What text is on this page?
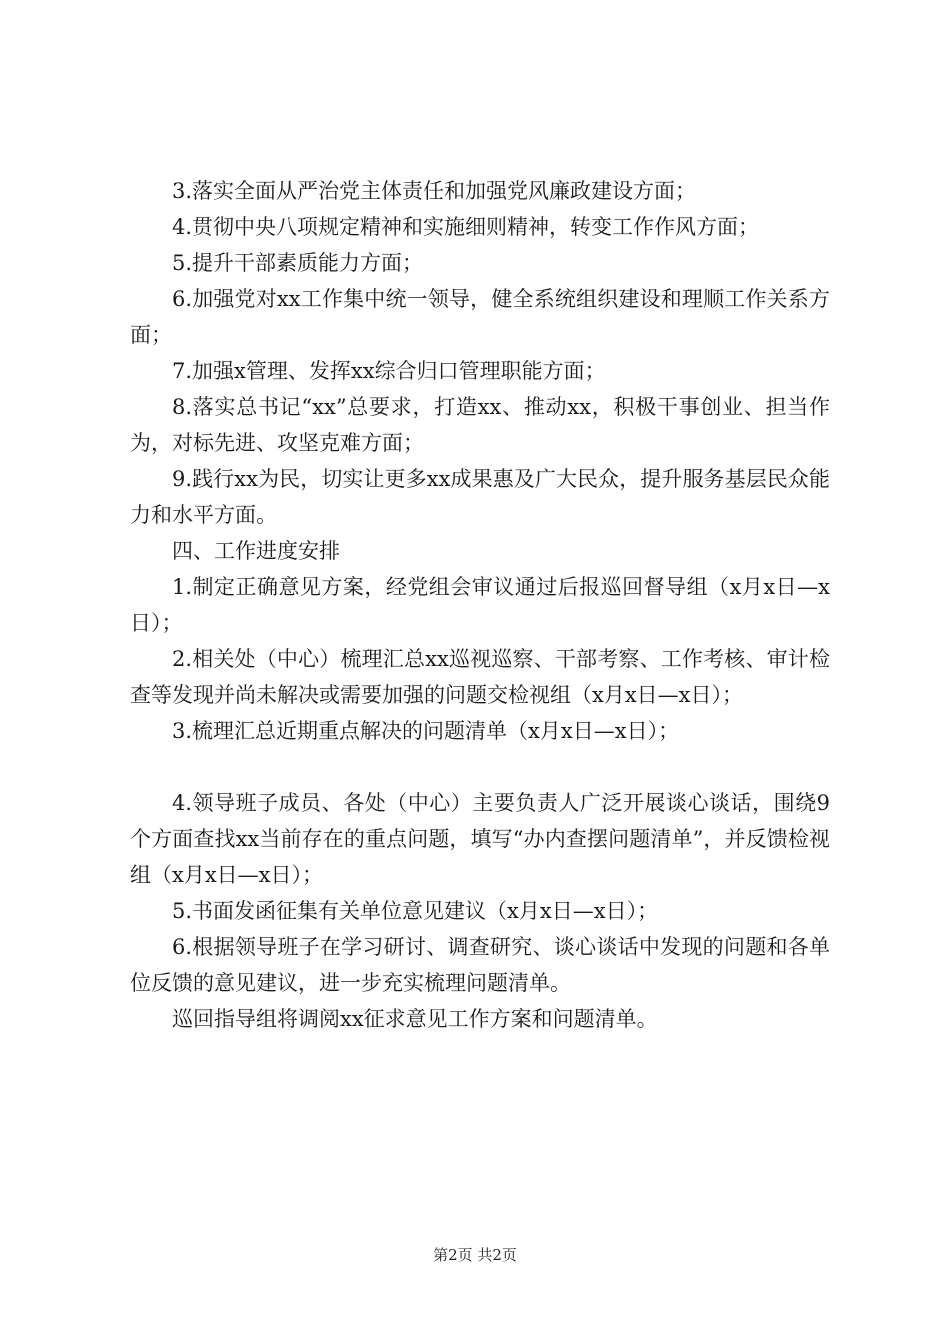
3.落实全面从严治党主体责任和加强党风廉政建设方面；

4.贯彻中央八项规定精神和实施细则精神，转变工作作风方面；

5.提升干部素质能力方面；

6.加强党对xx工作集中统一领导，健全系统组织建设和理顺工作关系方面；

7.加强x管理、发挥xx综合归口管理职能方面；

8.落实总书记“xx”总要求，打造xx、推动xx，积极干事创业、担当作为，对标先进、攻坚克难方面；

9.践行xx为民，切实让更多xx成果惠及广大民众，提升服务基层民众能力和水平方面。

四、工作进度安排

1.制定正确意见方案，经党组会审议通过后报巡回督导组（x月x日—x日）；

2.相关处（中心）梳理汇总xx巡视巡察、干部考察、工作考核、审计检查等发现并尚未解决或需要加强的问题交检视组（x月x日—x日）；

3.梳理汇总近期重点解决的问题清单（x月x日—x日）；

4.领导班子成员、各处（中心）主要负责人广泛开展谈心谈话，围绕9个方面查找xx当前存在的重点问题，填写“办内查摆问题清单”，并反馈检视组（x月x日—x日）；

5.书面发函征集有关单位意见建议（x月x日—x日）；

6.根据领导班子在学习研讨、调查研究、谈心谈话中发现的问题和各单位反馈的意见建议，进一步充实梳理问题清单。

巡回指导组将调阅xx征求意见工作方案和问题清单。

第2页 共2页
